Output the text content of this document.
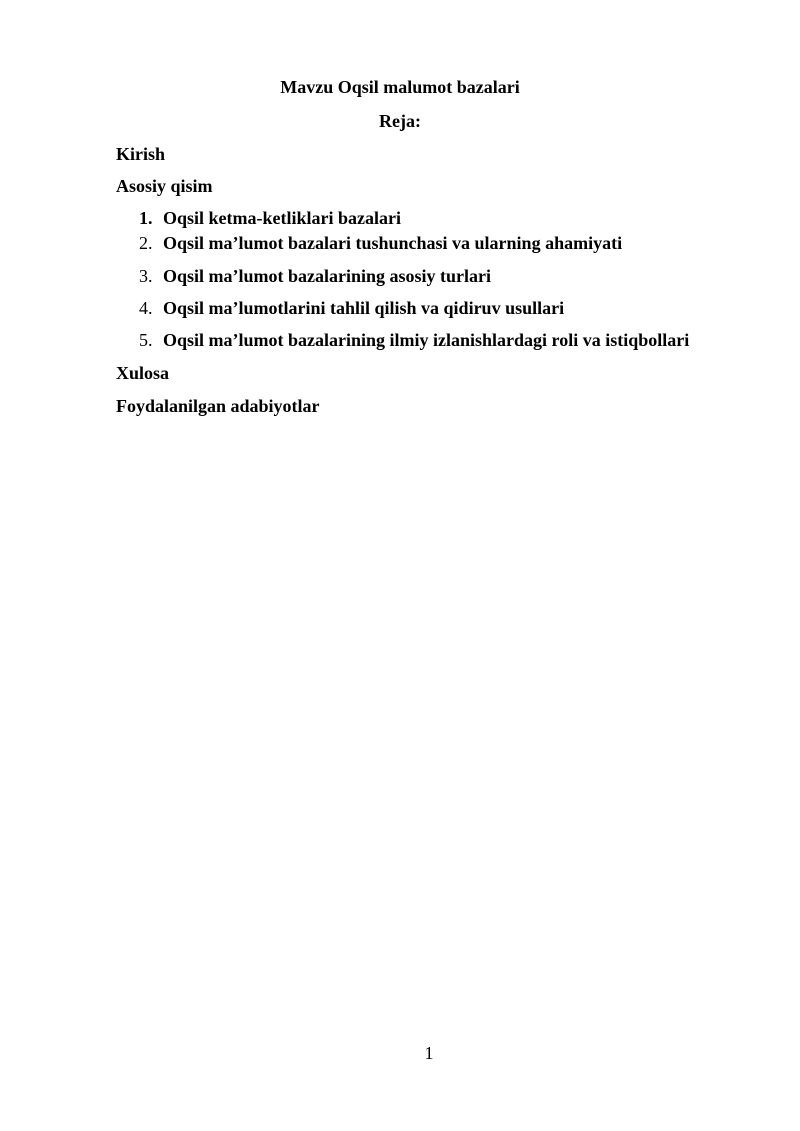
Mavzu Oqsil malumot bazalari
Reja:
Kirish
Asosiy qisim
1. Oqsil ketma-ketliklari bazalari
2. Oqsil ma’lumot bazalari tushunchasi va ularning ahamiyati
3. Oqsil ma’lumot bazalarining asosiy turlari
4. Oqsil ma’lumotlarini tahlil qilish va qidiruv usullari
5. Oqsil ma’lumot bazalarining ilmiy izlanishlardagi roli va istiqbollari
Xulosa
Foydalanilgan adabiyotlar
1
